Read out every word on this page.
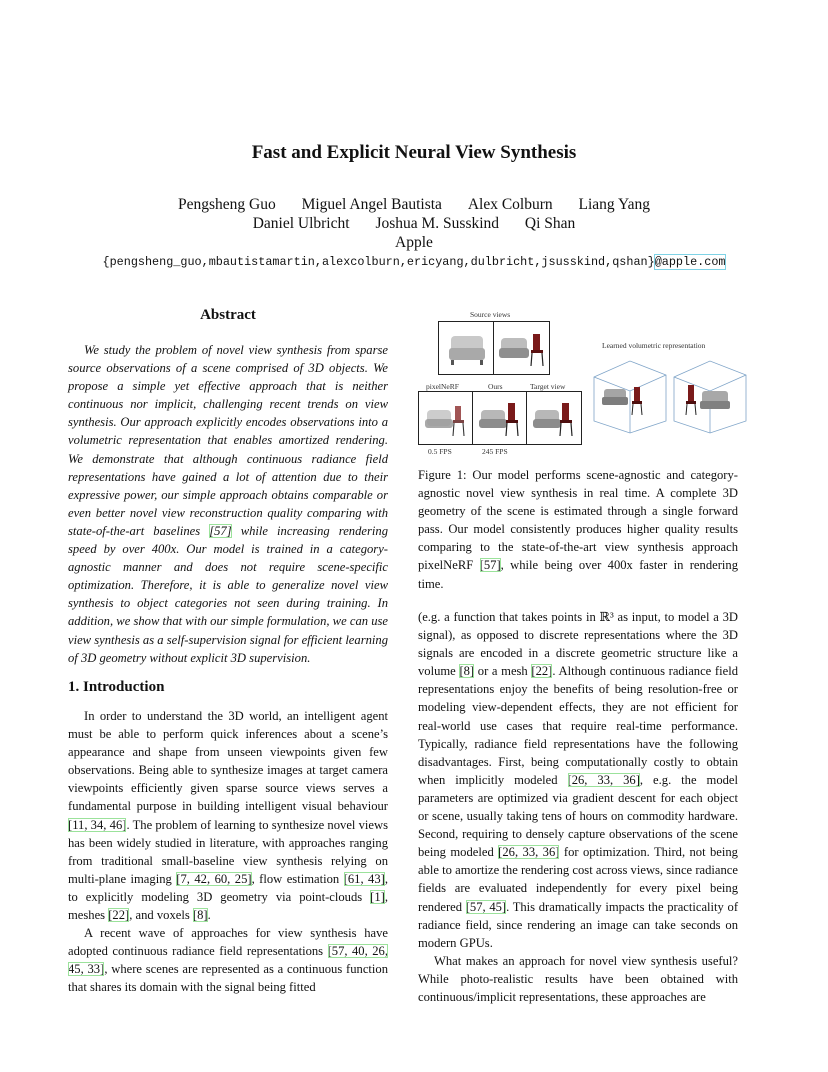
Fast and Explicit Neural View Synthesis
Pengsheng Guo Miguel Angel Bautista Alex Colburn Liang Yang
Daniel Ulbricht Joshua M. Susskind Qi Shan
Apple
{pengsheng_guo,mbautistamartin,alexcolburn,ericyang,dulbricht,jsusskind,qshan}@apple.com
Abstract

We study the problem of novel view synthesis from sparse source observations of a scene comprised of 3D objects. We propose a simple yet effective approach that is neither continuous nor implicit, challenging recent trends on view synthesis. Our approach explicitly encodes observations into a volumetric representation that enables amortized rendering. We demonstrate that although continuous radiance field representations have gained a lot of attention due to their expressive power, our simple approach obtains comparable or even better novel view reconstruction quality comparing with state-of-the-art baselines [57] while increasing rendering speed by over 400x. Our model is trained in a category-agnostic manner and does not require scene-specific optimization. Therefore, it is able to generalize novel view synthesis to object categories not seen during training. In addition, we show that with our simple formulation, we can use view synthesis as a self-supervision signal for efficient learning of 3D geometry without explicit 3D supervision.

1. Introduction

In order to understand the 3D world, an intelligent agent must be able to perform quick inferences about a scene’s appearance and shape from unseen viewpoints given few observations. Being able to synthesize images at target camera viewpoints efficiently given sparse source views serves a fundamental purpose in building intelligent visual behaviour [11, 34, 46]. The problem of learning to synthesize novel views has been widely studied in literature, with approaches ranging from traditional small-baseline view synthesis relying on multi-plane imaging [7, 42, 60, 25], flow estimation [61, 43], to explicitly modeling 3D geometry via point-clouds [1], meshes [22], and voxels [8].

A recent wave of approaches for view synthesis have adopted continuous radiance field representations [57, 40, 26, 45, 33], where scenes are represented as a continuous function that shares its domain with the signal being fitted

Source views
pixelNeRF	Ours	Target view
0.5 FPS	245 FPS
Learned volumetric representation

Figure 1: Our model performs scene-agnostic and category-agnostic novel view synthesis in real time. A complete 3D geometry of the scene is estimated through a single forward pass. Our model consistently produces higher quality results comparing to the state-of-the-art view synthesis approach pixelNeRF [57], while being over 400x faster in rendering time.

(e.g. a function that takes points in ℝ³ as input, to model a 3D signal), as opposed to discrete representations where the 3D signals are encoded in a discrete geometric structure like a volume [8] or a mesh [22]. Although continuous radiance field representations enjoy the benefits of being resolution-free or modeling view-dependent effects, they are not efficient for real-world use cases that require real-time performance. Typically, radiance field representations have the following disadvantages. First, being computationally costly to obtain when implicitly modeled [26, 33, 36], e.g. the model parameters are optimized via gradient descent for each object or scene, usually taking tens of hours on commodity hardware. Second, requiring to densely capture observations of the scene being modeled [26, 33, 36] for optimization. Third, not being able to amortize the rendering cost across views, since radiance fields are evaluated independently for every pixel being rendered [57, 45]. This dramatically impacts the practicality of radiance field, since rendering an image can take seconds on modern GPUs.

What makes an approach for novel view synthesis useful? While photo-realistic results have been obtained with continuous/implicit representations, these approaches are
